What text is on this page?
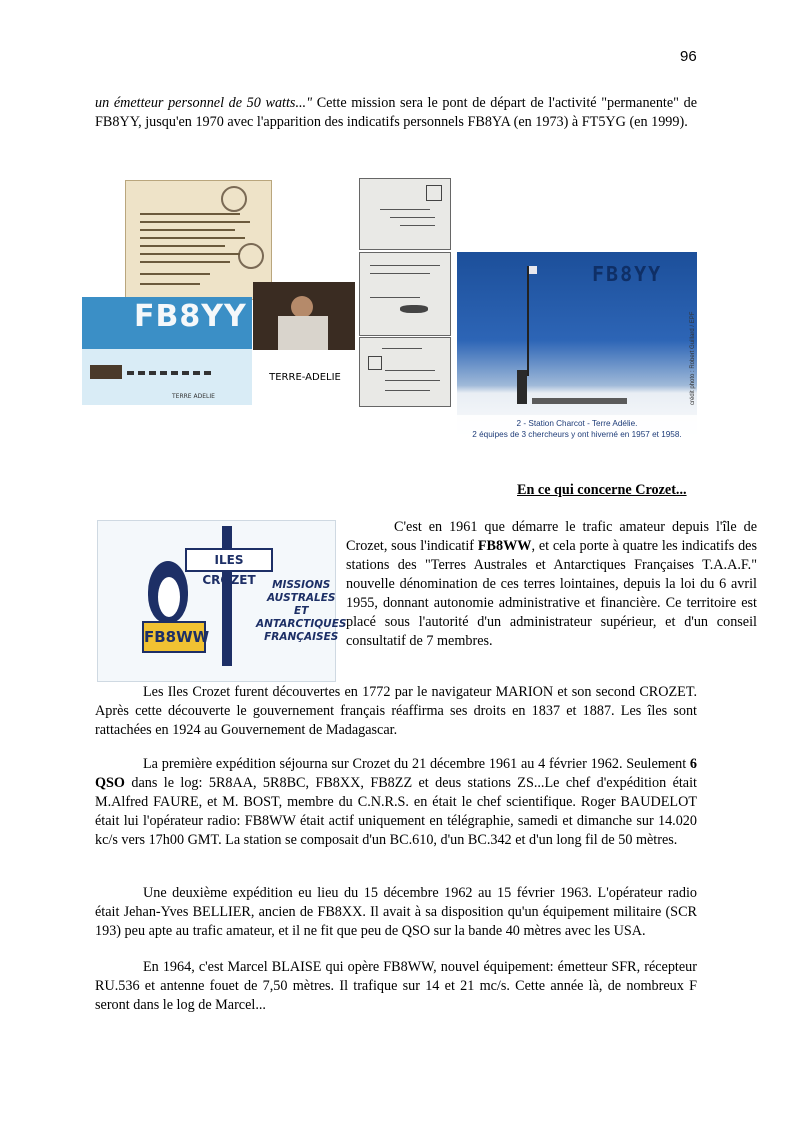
96

un émetteur personnel de 50 watts..." Cette mission sera le pont de départ de l'activité "permanente" de FB8YY, jusqu'en 1970 avec l'apparition des indicatifs personnels FB8YA (en 1973) à FT5YG (en 1999).

FB8YY
TERRE ADELIE
TERRE-ADELIE
FB8YY
2 - Station Charcot - Terre Adélie.
2 équipes de 3 chercheurs y ont hiverné en 1957 et 1958.
crédit photo : Robert Guillard / EPF
En ce qui concerne Crozet...
ILES CROZET
FB8WW
MISSIONS
AUSTRALES
ET
ANTARCTIQUES
FRANÇAISES

C'est en 1961 que démarre le trafic amateur depuis l'île de Crozet, sous l'indicatif FB8WW, et cela porte à quatre les indicatifs des stations des "Terres Australes et Antarctiques Françaises T.A.A.F." nouvelle dénomination de ces terres lointaines, depuis la loi du 6 avril 1955, donnant autonomie administrative et financière. Ce territoire est placé sous l'autorité d'un administrateur supérieur, et d'un conseil consultatif de 7 membres.

Les Iles Crozet furent découvertes en 1772 par le navigateur MARION et son second CROZET. Après cette découverte le gouvernement français réaffirma ses droits en 1837 et 1887. Les îles sont rattachées en 1924 au Gouvernement de Madagascar.

La première expédition séjourna sur Crozet du 21 décembre 1961 au 4 février 1962. Seulement 6 QSO dans le log: 5R8AA, 5R8BC, FB8XX, FB8ZZ et deus stations ZS...Le chef d'expédition était M.Alfred FAURE, et M. BOST, membre du C.N.R.S. en était le chef scientifique. Roger BAUDELOT était lui l'opérateur radio: FB8WW était actif uniquement en télégraphie, samedi et dimanche sur 14.020 kc/s vers 17h00 GMT. La station se composait d'un BC.610, d'un BC.342 et d'un long fil de 50 mètres.

Une deuxième expédition eu lieu du 15 décembre 1962 au 15 février 1963. L'opérateur radio était Jehan-Yves BELLIER, ancien de FB8XX. Il avait à sa disposition qu'un équipement militaire (SCR 193) peu apte au trafic amateur, et il ne fit que peu de QSO sur la bande 40 mètres avec les USA.

En 1964, c'est Marcel BLAISE qui opère FB8WW, nouvel équipement: émetteur SFR, récepteur RU.536 et antenne fouet de 7,50 mètres. Il trafique sur 14 et 21 mc/s. Cette année là, de nombreux F seront dans le log de Marcel...
